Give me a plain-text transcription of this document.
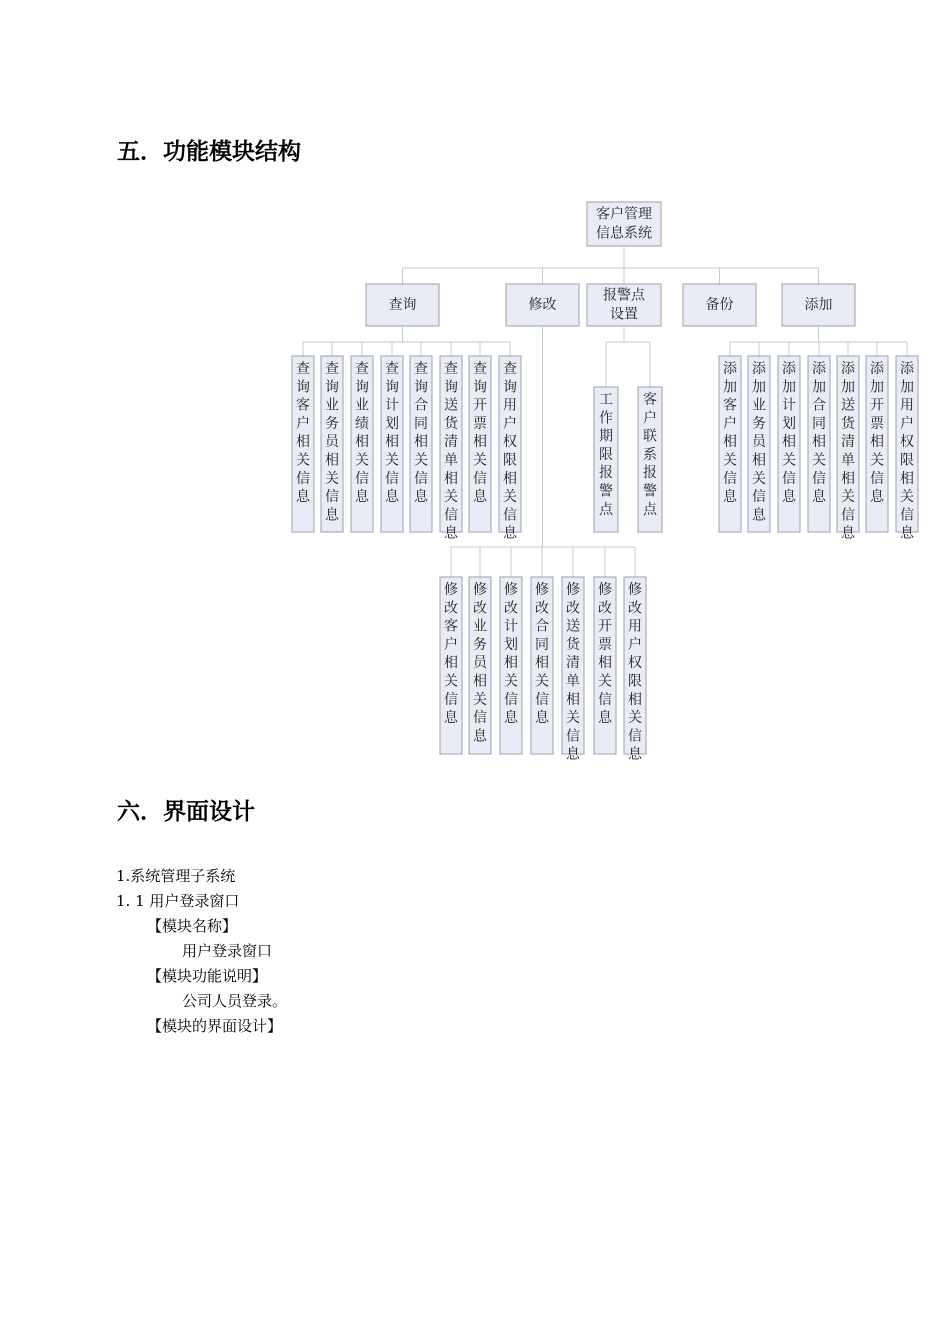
五．功能模块结构
客户管理
信息系统
查询	修改
报警点
设置
备份	添加
查询客户相关信息
查询业务员相关信息
查询业绩相关信息
查询计划相关信息
查询合同相关信息
查询送货清单相关信息
查询开票相关信息
查询用户权限相关信息
工作期限报警点
客户联系报警点
添加客户相关信息
添加业务员相关信息
添加计划相关信息
添加合同相关信息
添加送货清单相关信息
添加开票相关信息
添加用户权限相关信息
修改客户相关信息
修改业务员相关信息
修改计划相关信息
修改合同相关信息
修改送货清单相关信息
修改开票相关信息
修改用户权限相关信息
六．界面设计

1.系统管理子系统

1. 1 用户登录窗口

【模块名称】

用户登录窗口

【模块功能说明】

公司人员登录。

【模块的界面设计】
